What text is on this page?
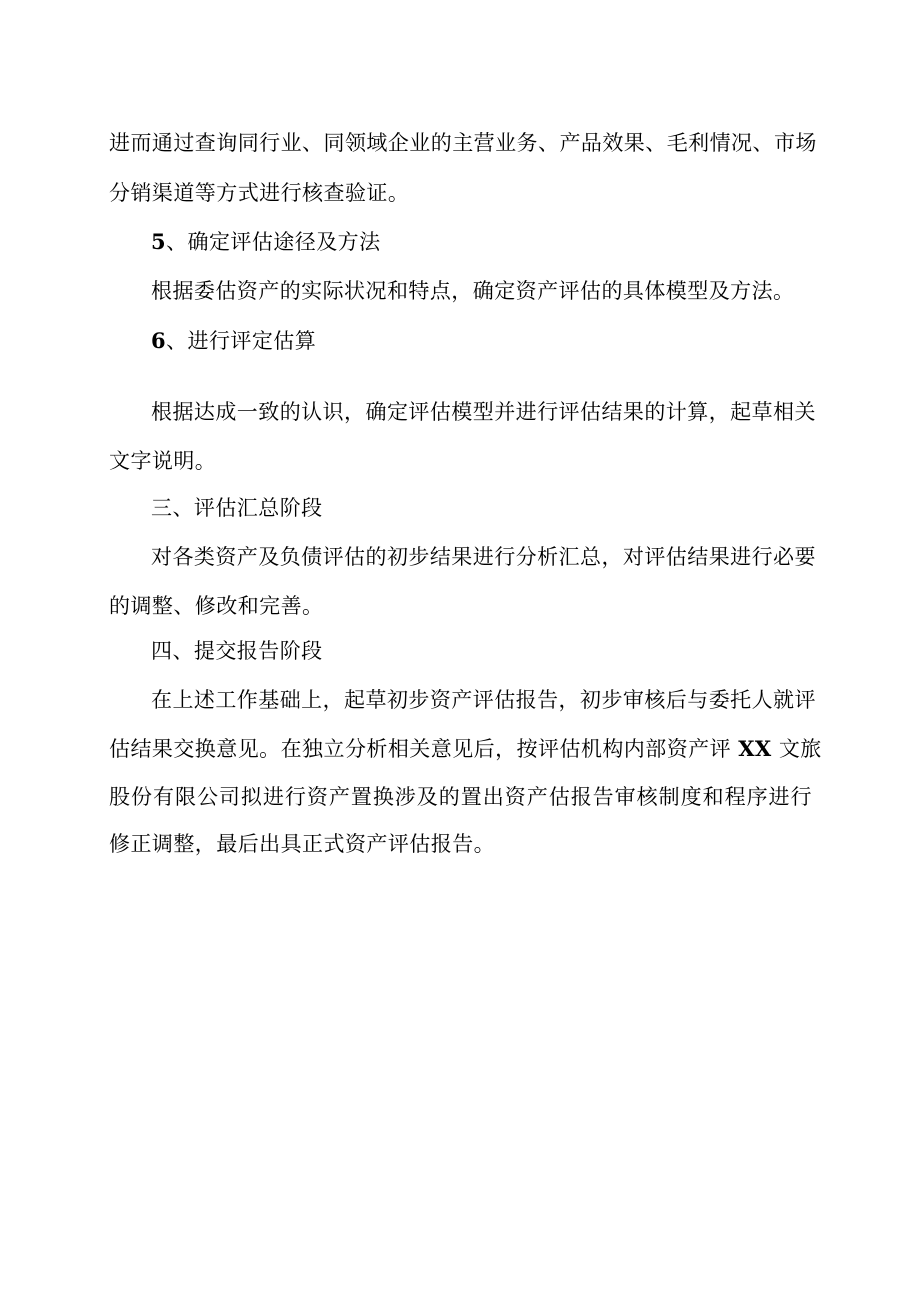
进而通过查询同行业、同领域企业的主营业务、产品效果、毛利情况、市场
分销渠道等方式进行核查验证。
5、确定评估途径及方法
根据委估资产的实际状况和特点，确定资产评估的具体模型及方法。
6、进行评定估算
根据达成一致的认识，确定评估模型并进行评估结果的计算，起草相关
文字说明。
三、评估汇总阶段
对各类资产及负债评估的初步结果进行分析汇总，对评估结果进行必要
的调整、修改和完善。
四、提交报告阶段
在上述工作基础上，起草初步资产评估报告，初步审核后与委托人就评
估结果交换意见。在独立分析相关意见后，按评估机构内部资产评 XX 文旅
股份有限公司拟进行资产置换涉及的置出资产估报告审核制度和程序进行
修正调整，最后出具正式资产评估报告。
